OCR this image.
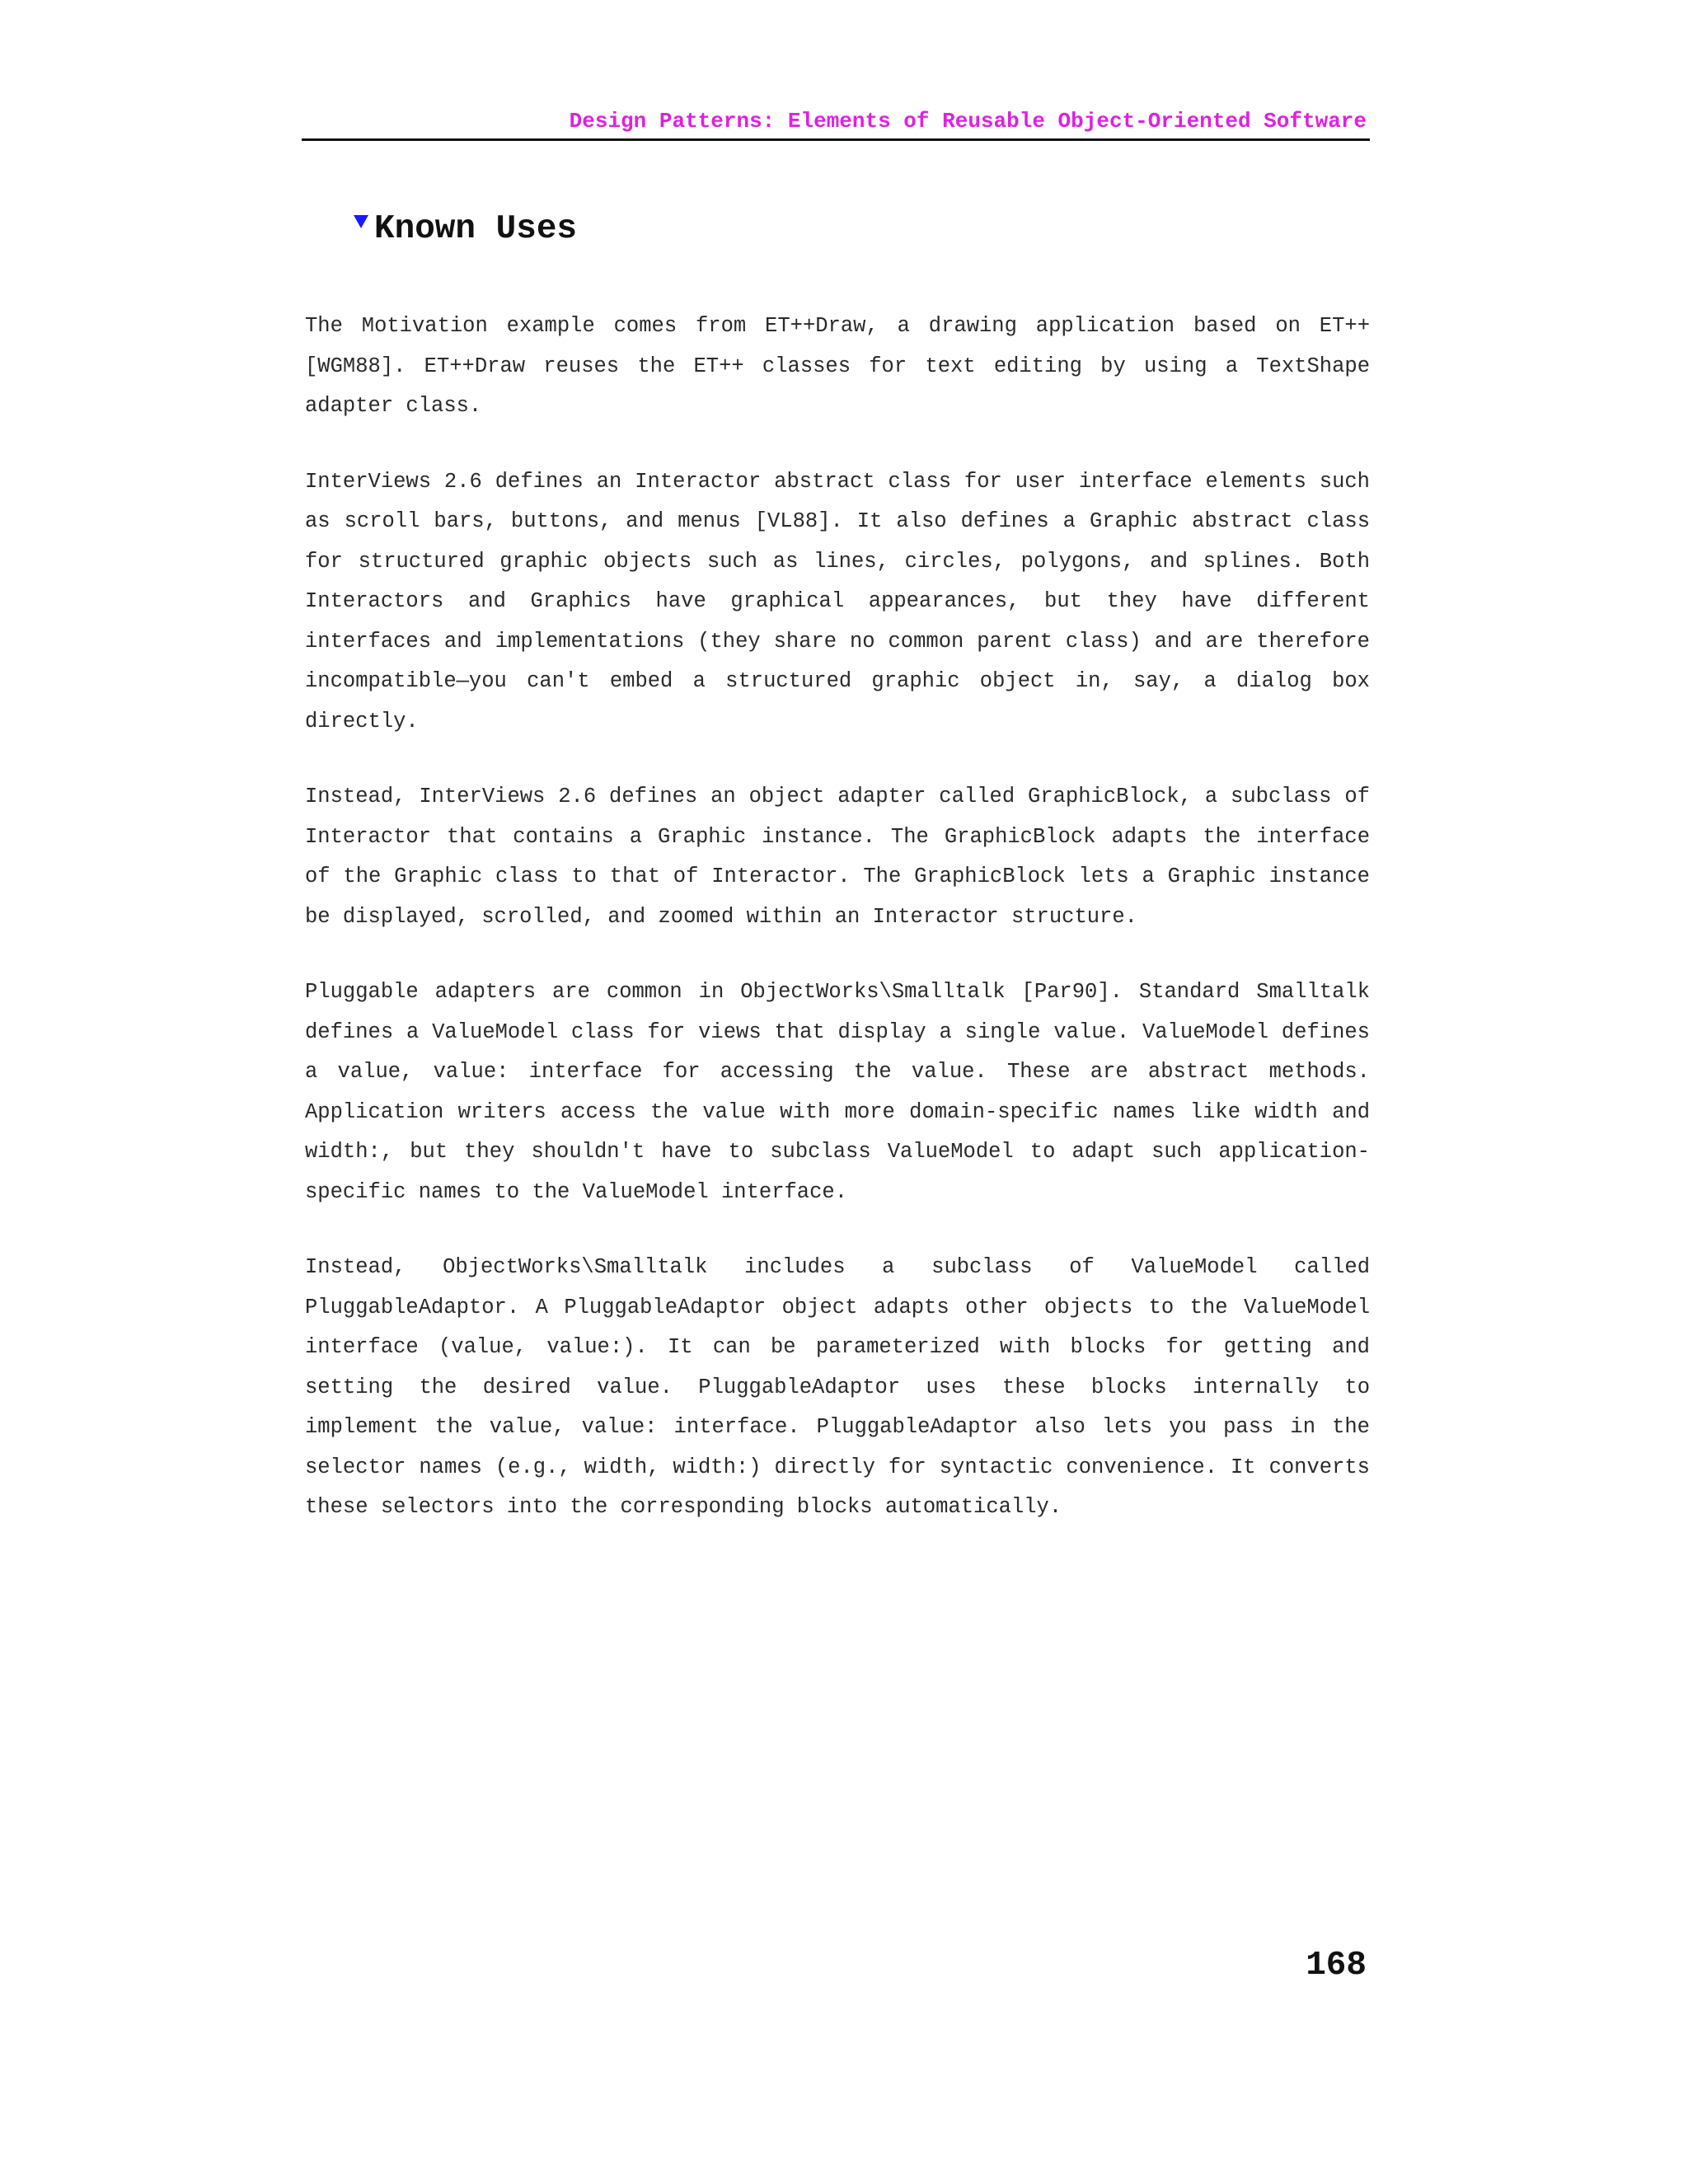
Design Patterns: Elements of Reusable Object-Oriented Software
Known Uses

The Motivation example comes from ET++Draw, a drawing application based on ET++ [WGM88]. ET++Draw reuses the ET++ classes for text editing by using a TextShape adapter class.

InterViews 2.6 defines an Interactor abstract class for user interface elements such as scroll bars, buttons, and menus [VL88]. It also defines a Graphic abstract class for structured graphic objects such as lines, circles, polygons, and splines. Both Interactors and Graphics have graphical appearances, but they have different interfaces and implementations (they share no common parent class) and are therefore incompatible—you can't embed a structured graphic object in, say, a dialog box directly.

Instead, InterViews 2.6 defines an object adapter called GraphicBlock, a subclass of Interactor that contains a Graphic instance. The GraphicBlock adapts the interface of the Graphic class to that of Interactor. The GraphicBlock lets a Graphic instance be displayed, scrolled, and zoomed within an Interactor structure.

Pluggable adapters are common in ObjectWorks\Smalltalk [Par90]. Standard Smalltalk defines a ValueModel class for views that display a single value. ValueModel defines a value, value: interface for accessing the value. These are abstract methods. Application writers access the value with more domain-specific names like width and width:, but they shouldn't have to subclass ValueModel to adapt such application-specific names to the ValueModel interface.

Instead, ObjectWorks\Smalltalk includes a subclass of ValueModel called PluggableAdaptor. A PluggableAdaptor object adapts other objects to the ValueModel interface (value, value:). It can be parameterized with blocks for getting and setting the desired value. PluggableAdaptor uses these blocks internally to implement the value, value: interface. PluggableAdaptor also lets you pass in the selector names (e.g., width, width:) directly for syntactic convenience. It converts these selectors into the corresponding blocks automatically.

168
